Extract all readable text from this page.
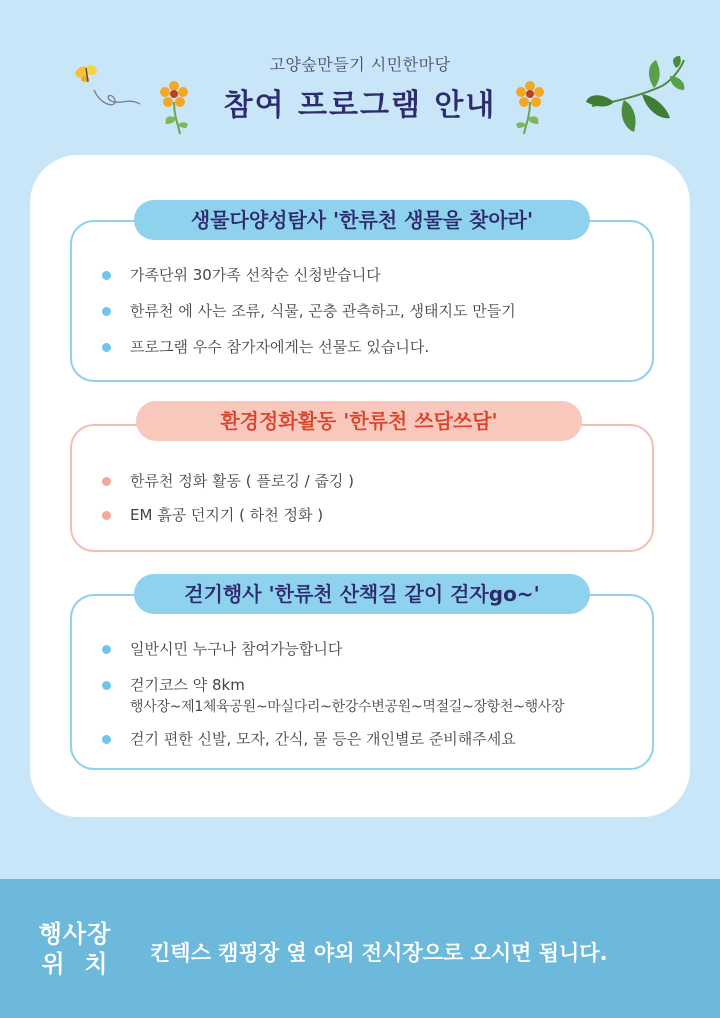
고양숲만들기 시민한마당
참여 프로그램 안내
가족단위 30가족 선착순 신청받습니다
한류천 에 사는 조류, 식물, 곤충 관측하고, 생태지도 만들기
프로그램 우수 참가자에게는 선물도 있습니다.
생물다양성탐사 '한류천 생물을 찾아라'
한류천 정화 활동 ( 플로깅 / 줍깅 )
EM 흙공 던지기 ( 하천 정화 )
환경정화활동 '한류천 쓰담쓰담'
일반시민 누구나 참여가능합니다
걷기코스 약 8km
행사장~제1체육공원~마실다리~한강수변공원~멱절길~장항천~행사장
걷기 편한 신발, 모자, 간식, 물 등은 개인별로 준비해주세요
걷기행사 '한류천 산책길 같이 걷자go~'
행사장
위  치	킨텍스 캠핑장 옆 야외 전시장으로 오시면 됩니다.
